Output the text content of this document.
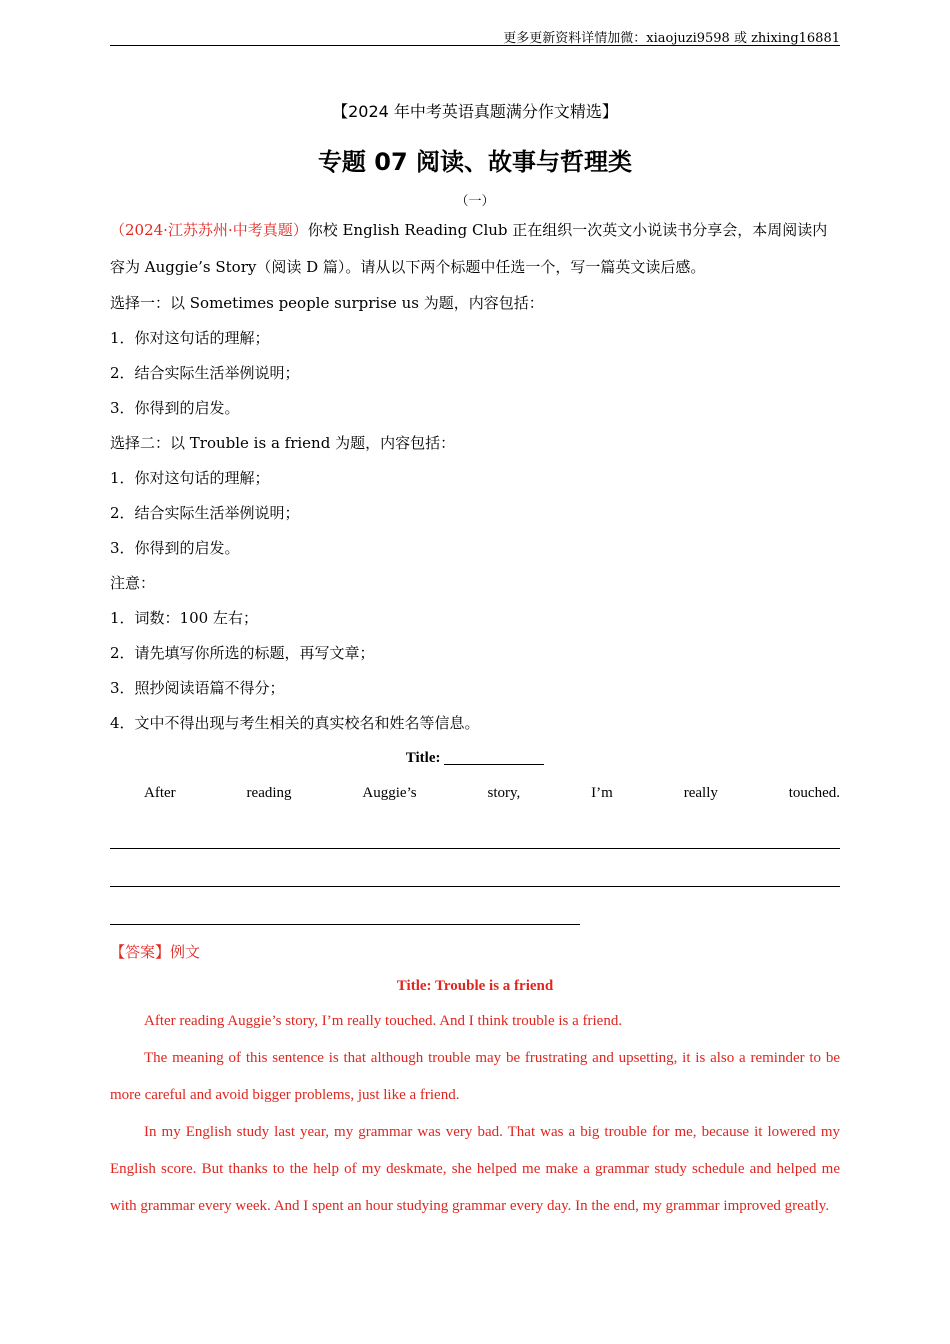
更多更新资料详情加微：xiaojuzi9598 或 zhixing16881
【2024 年中考英语真题满分作文精选】
专题 07 阅读、故事与哲理类
（一）

（2024·江苏苏州·中考真题）你校 English Reading Club 正在组织一次英文小说读书分享会，本周阅读内容为 Auggie’s Story（阅读 D 篇）。请从以下两个标题中任选一个，写一篇英文读后感。

选择一：以 Sometimes people surprise us 为题，内容包括：
1．你对这句话的理解；
2．结合实际生活举例说明；
3．你得到的启发。
选择二：以 Trouble is a friend 为题，内容包括：
1．你对这句话的理解；
2．结合实际生活举例说明；
3．你得到的启发。
注意：
1．词数：100 左右；
2．请先填写你所选的标题，再写文章；
3．照抄阅读语篇不得分；
4．文中不得出现与考生相关的真实校名和姓名等信息。
Title:
After	reading	Auggie’s	story,	I’m	really	touched.
【答案】例文
Title: Trouble is a friend

After reading Auggie’s story, I’m really touched. And I think trouble is a friend.

The meaning of this sentence is that although trouble may be frustrating and upsetting, it is also a reminder to be more careful and avoid bigger problems, just like a friend.

In my English study last year, my grammar was very bad. That was a big trouble for me, because it lowered my English score. But thanks to the help of my deskmate, she helped me make a grammar study schedule and helped me with grammar every week. And I spent an hour studying grammar every day. In the end, my grammar improved greatly.
